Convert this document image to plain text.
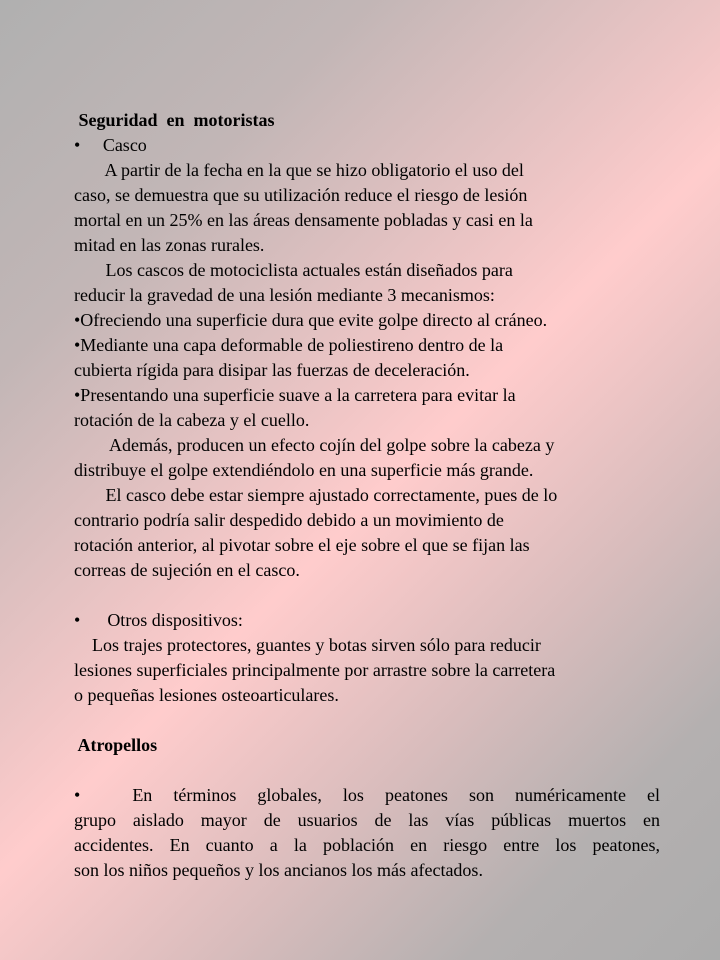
Seguridad  en  motoristas
•     Casco
A partir de la fecha en la que se hizo obligatorio el uso del
caso, se demuestra que su utilización reduce el riesgo de lesión
mortal en un 25% en las áreas densamente pobladas y casi en la
mitad en las zonas rurales.
Los cascos de motociclista actuales están diseñados para
reducir la gravedad de una lesión mediante 3 mecanismos:
•Ofreciendo una superficie dura que evite golpe directo al cráneo.
•Mediante una capa deformable de poliestireno dentro de la
cubierta rígida para disipar las fuerzas de deceleración.
•Presentando una superficie suave a la carretera para evitar la
rotación de la cabeza y el cuello.
Además, producen un efecto cojín del golpe sobre la cabeza y
distribuye el golpe extendiéndolo en una superficie más grande.
El casco debe estar siempre ajustado correctamente, pues de lo
contrario podría salir despedido debido a un movimiento de
rotación anterior, al pivotar sobre el eje sobre el que se fijan las
correas de sujeción en el casco.
•      Otros dispositivos:
Los trajes protectores, guantes y botas sirven sólo para reducir
lesiones superficiales principalmente por arrastre sobre la carretera
o pequeñas lesiones osteoarticulares.
Atropellos
•	En términos globales, los peatones son numéricamente el
grupo aislado mayor de usuarios de las vías públicas muertos en
accidentes. En cuanto a la población en riesgo entre los peatones,
son los niños pequeños y los ancianos los más afectados.
